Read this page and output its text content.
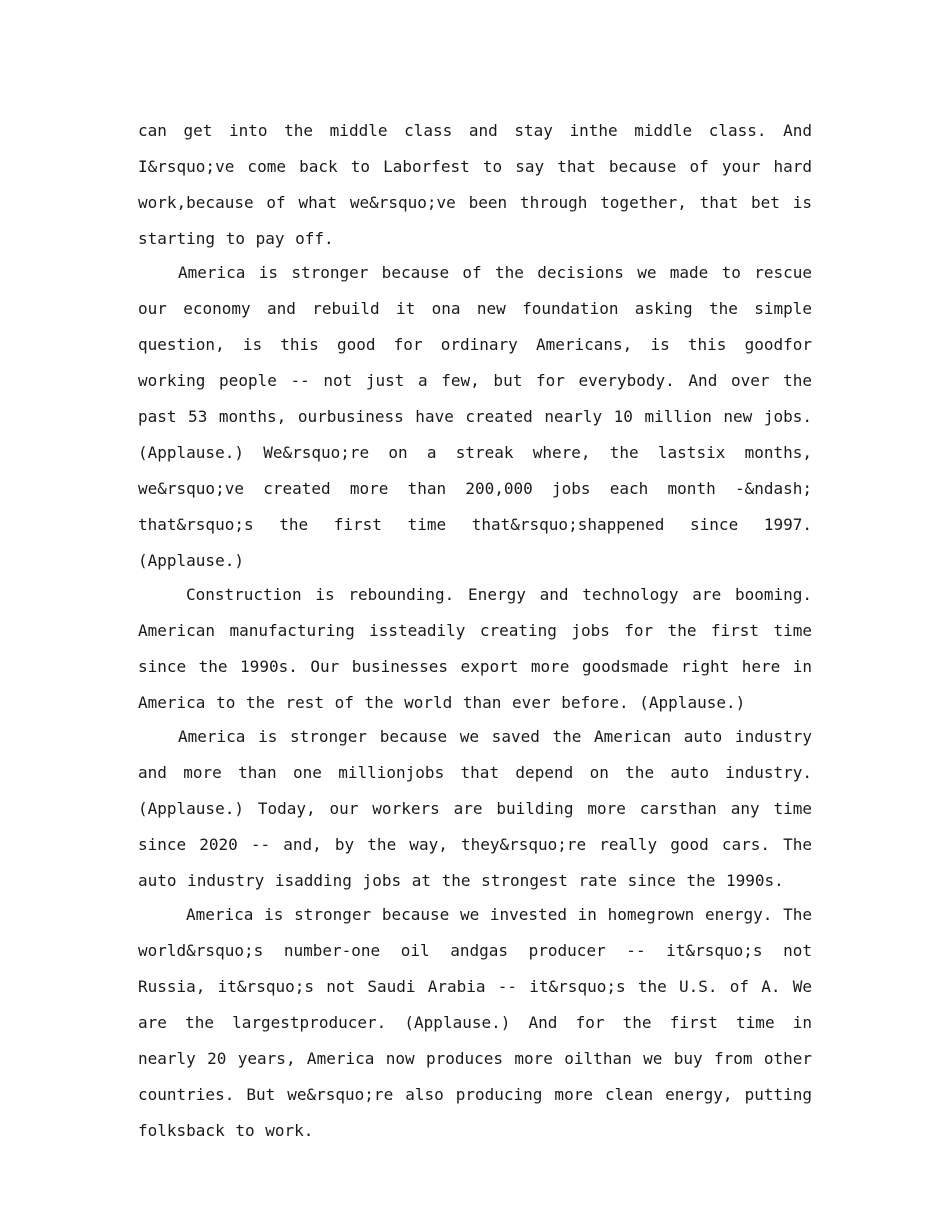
can get into the middle class and stay inthe middle class. And I&rsquo;ve come back to Laborfest to say that because of your hard work,because of what we&rsquo;ve been through together, that bet is starting to pay off.

America is stronger because of the decisions we made to rescue our economy and rebuild it ona new foundation asking the simple question, is this good for ordinary Americans, is this goodfor working people -- not just a few, but for everybody. And over the past 53 months, ourbusiness have created nearly 10 million new jobs. (Applause.) We&rsquo;re on a streak where, the lastsix months, we&rsquo;ve created more than 200,000 jobs each month -&ndash; that&rsquo;s the first time that&rsquo;shappened since 1997. (Applause.)

Construction is rebounding. Energy and technology are booming. American manufacturing issteadily creating jobs for the first time since the 1990s. Our businesses export more goodsmade right here in America to the rest of the world than ever before. (Applause.)

America is stronger because we saved the American auto industry and more than one millionjobs that depend on the auto industry. (Applause.) Today, our workers are building more carsthan any time since 2020 -- and, by the way, they&rsquo;re really good cars. The auto industry isadding jobs at the strongest rate since the 1990s.

America is stronger because we invested in homegrown energy. The world&rsquo;s number-one oil andgas producer -- it&rsquo;s not Russia, it&rsquo;s not Saudi Arabia -- it&rsquo;s the U.S. of A. We are the largestproducer. (Applause.) And for the first time in nearly 20 years, America now produces more oilthan we buy from other countries. But we&rsquo;re also producing more clean energy, putting folksback to work.
